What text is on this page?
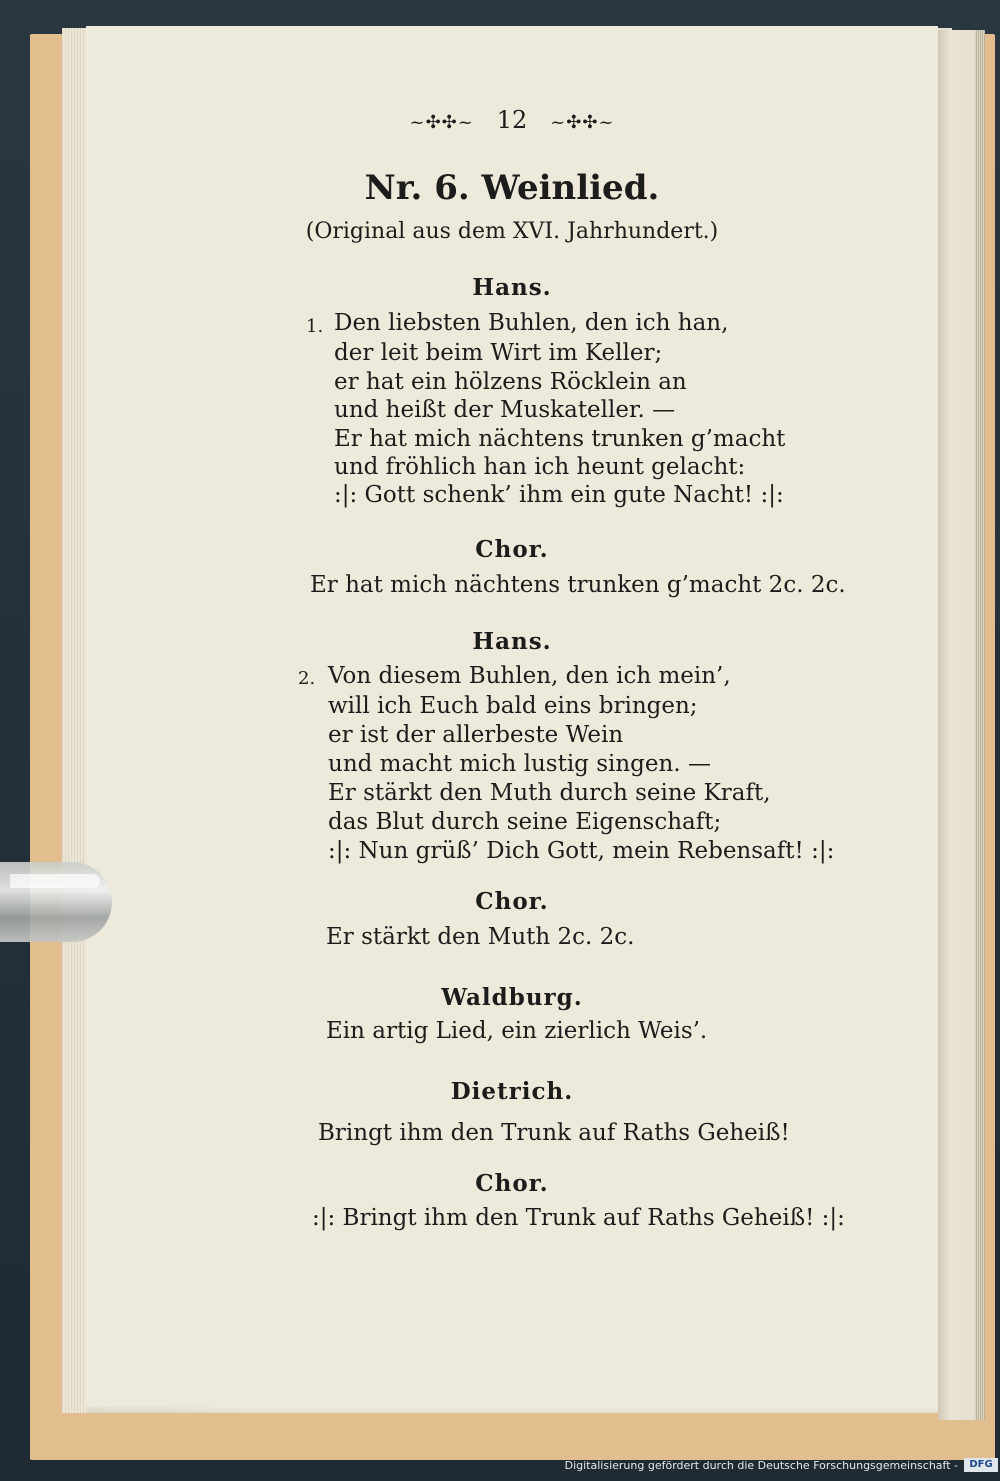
~✣✣~ 12 ~✣✣~
Nr. 6. Weinlied.
(Original aus dem XVI. Jahrhundert.)
Hans.
1. Den liebsten Buhlen, den ich han,
der leit beim Wirt im Keller;
er hat ein hölzens Röcklein an
und heißt der Muskateller. —
Er hat mich nächtens trunken g’macht
und fröhlich han ich heunt gelacht:
:|: Gott schenk’ ihm ein gute Nacht! :|:
Chor.
Er hat mich nächtens trunken g’macht 2c. 2c.
Hans.
2. Von diesem Buhlen, den ich mein’,
will ich Euch bald eins bringen;
er ist der allerbeste Wein
und macht mich lustig singen. —
Er stärkt den Muth durch seine Kraft,
das Blut durch seine Eigenschaft;
:|: Nun grüß’ Dich Gott, mein Rebensaft! :|:
Chor.
Er stärkt den Muth 2c. 2c.
Waldburg.
Ein artig Lied, ein zierlich Weis’.
Dietrich.
Bringt ihm den Trunk auf Raths Geheiß!
Chor.
:|: Bringt ihm den Trunk auf Raths Geheiß! :|:
Digitalisierung gefördert durch die Deutsche Forschungsgemeinschaft -	DFG
